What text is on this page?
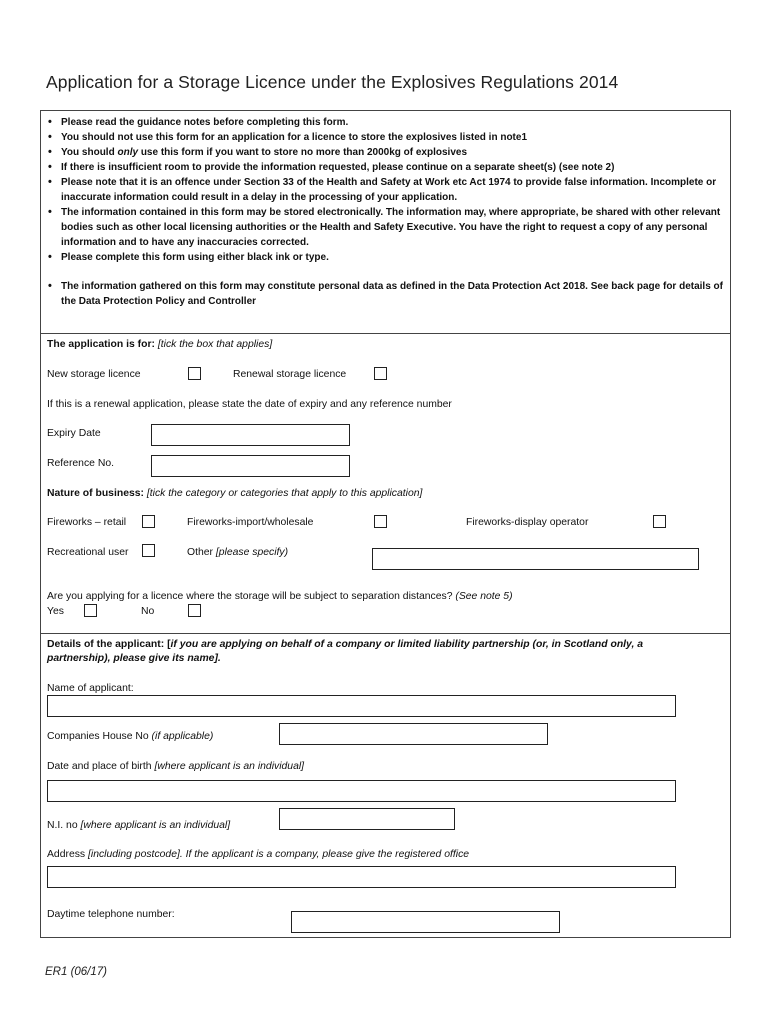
Application for a Storage Licence under the Explosives Regulations 2014
• Please read the guidance notes before completing this form.
• You should not use this form for an application for a licence to store the explosives listed in note1
• You should only use this form if you want to store no more than 2000kg of explosives
• If there is insufficient room to provide the information requested, please continue on a separate sheet(s) (see note 2)
• Please note that it is an offence under Section 33 of the Health and Safety at Work etc Act 1974 to provide false information. Incomplete or inaccurate information could result in a delay in the processing of your application.
• The information contained in this form may be stored electronically. The information may, where appropriate, be shared with other relevant bodies such as other local licensing authorities or the Health and Safety Executive. You have the right to request a copy of any personal information and to have any inaccuracies corrected.
• Please complete this form using either black ink or type.
• The information gathered on this form may constitute personal data as defined in the Data Protection Act 2018. See back page for details of the Data Protection Policy and Controller
The application is for: [tick the box that applies]
New storage licence	Renewal storage licence
If this is a renewal application, please state the date of expiry and any reference number
Expiry Date
Reference No.
Nature of business: [tick the category or categories that apply to this application]
Fireworks – retail	Fireworks-import/wholesale	Fireworks-display operator
Recreational user	Other [please specify)
Are you applying for a licence where the storage will be subject to separation distances? (See note 5)
Yes	No
Details of the applicant: [if you are applying on behalf of a company or limited liability partnership (or, in Scotland only, a
partnership), please give its name].
Name of applicant:
Companies House No (if applicable)
Date and place of birth [where applicant is an individual]
N.I. no [where applicant is an individual]
Address [including postcode]. If the applicant is a company, please give the registered office
Daytime telephone number:
ER1 (06/17)
